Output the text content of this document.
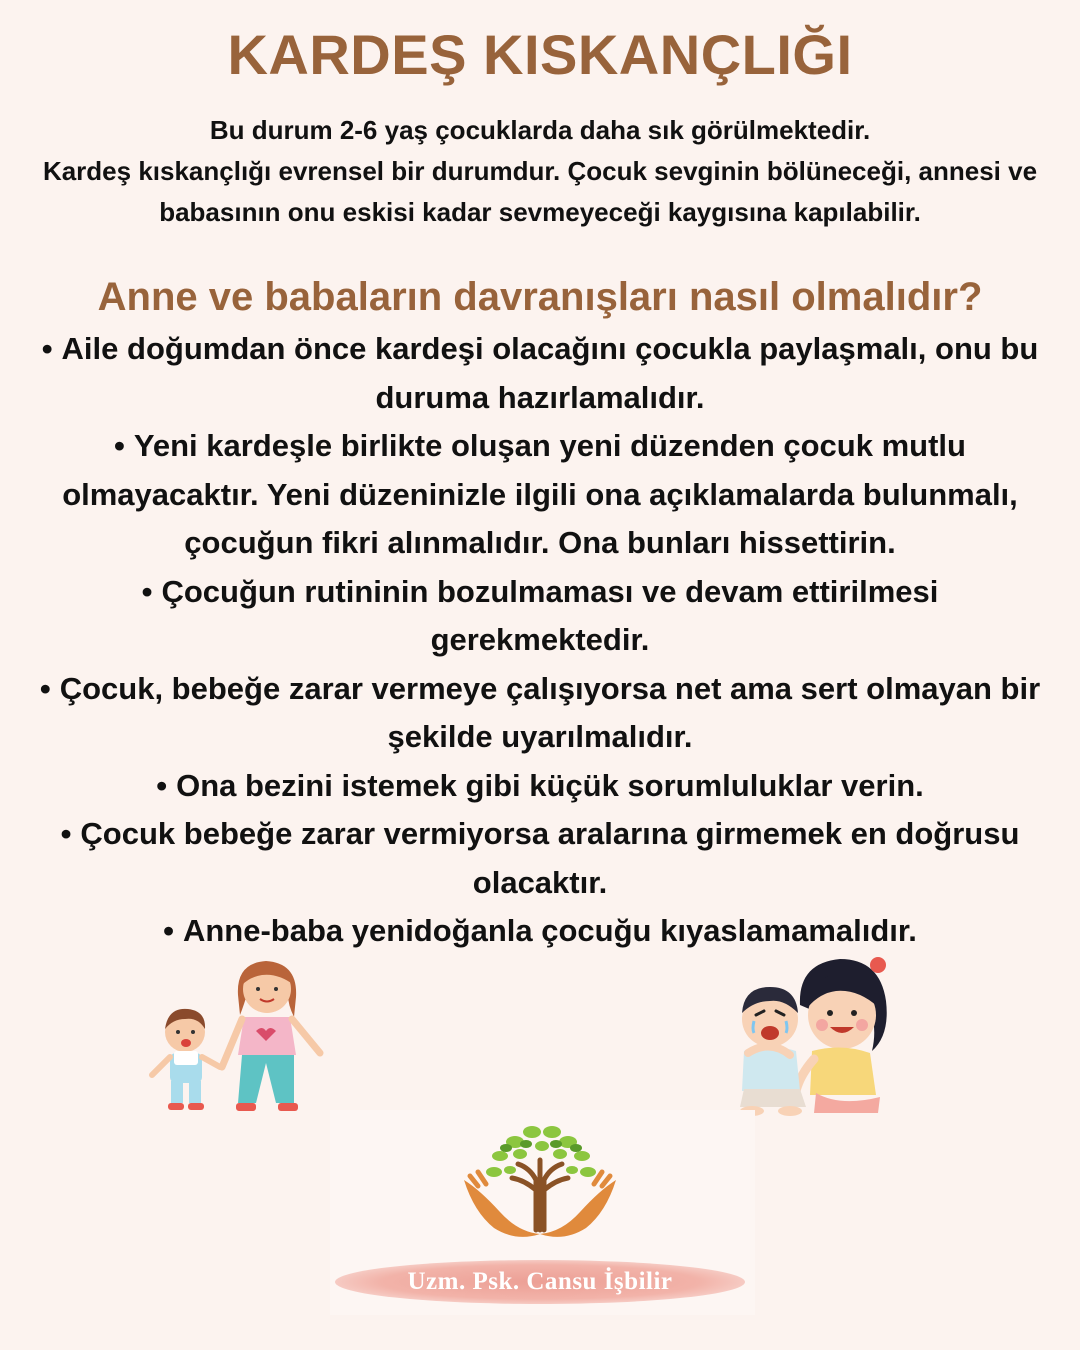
KARDEŞ KISKANÇLIĞI

Bu durum 2-6 yaş çocuklarda daha sık görülmektedir.

Kardeş kıskançlığı evrensel bir durumdur. Çocuk sevginin bölüneceği, annesi ve babasının onu eskisi kadar sevmeyeceği kaygısına kapılabilir.

Anne ve babaların davranışları nasıl olmalıdır?
• Aile doğumdan önce kardeşi olacağını çocukla paylaşmalı, onu bu duruma hazırlamalıdır.
• Yeni kardeşle birlikte oluşan yeni düzenden çocuk mutlu olmayacaktır. Yeni düzeninizle ilgili ona açıklamalarda bulunmalı, çocuğun fikri alınmalıdır. Ona bunları hissettirin.
• Çocuğun rutininin bozulmaması ve devam ettirilmesi gerekmektedir.
• Çocuk, bebeğe zarar vermeye çalışıyorsa net ama sert olmayan bir şekilde uyarılmalıdır.
• Ona bezini istemek gibi küçük sorumluluklar verin.
• Çocuk bebeğe zarar vermiyorsa aralarına girmemek en doğrusu olacaktır.
• Anne-baba yenidoğanla çocuğu kıyaslamamalıdır.
Uzm. Psk. Cansu İşbilir
